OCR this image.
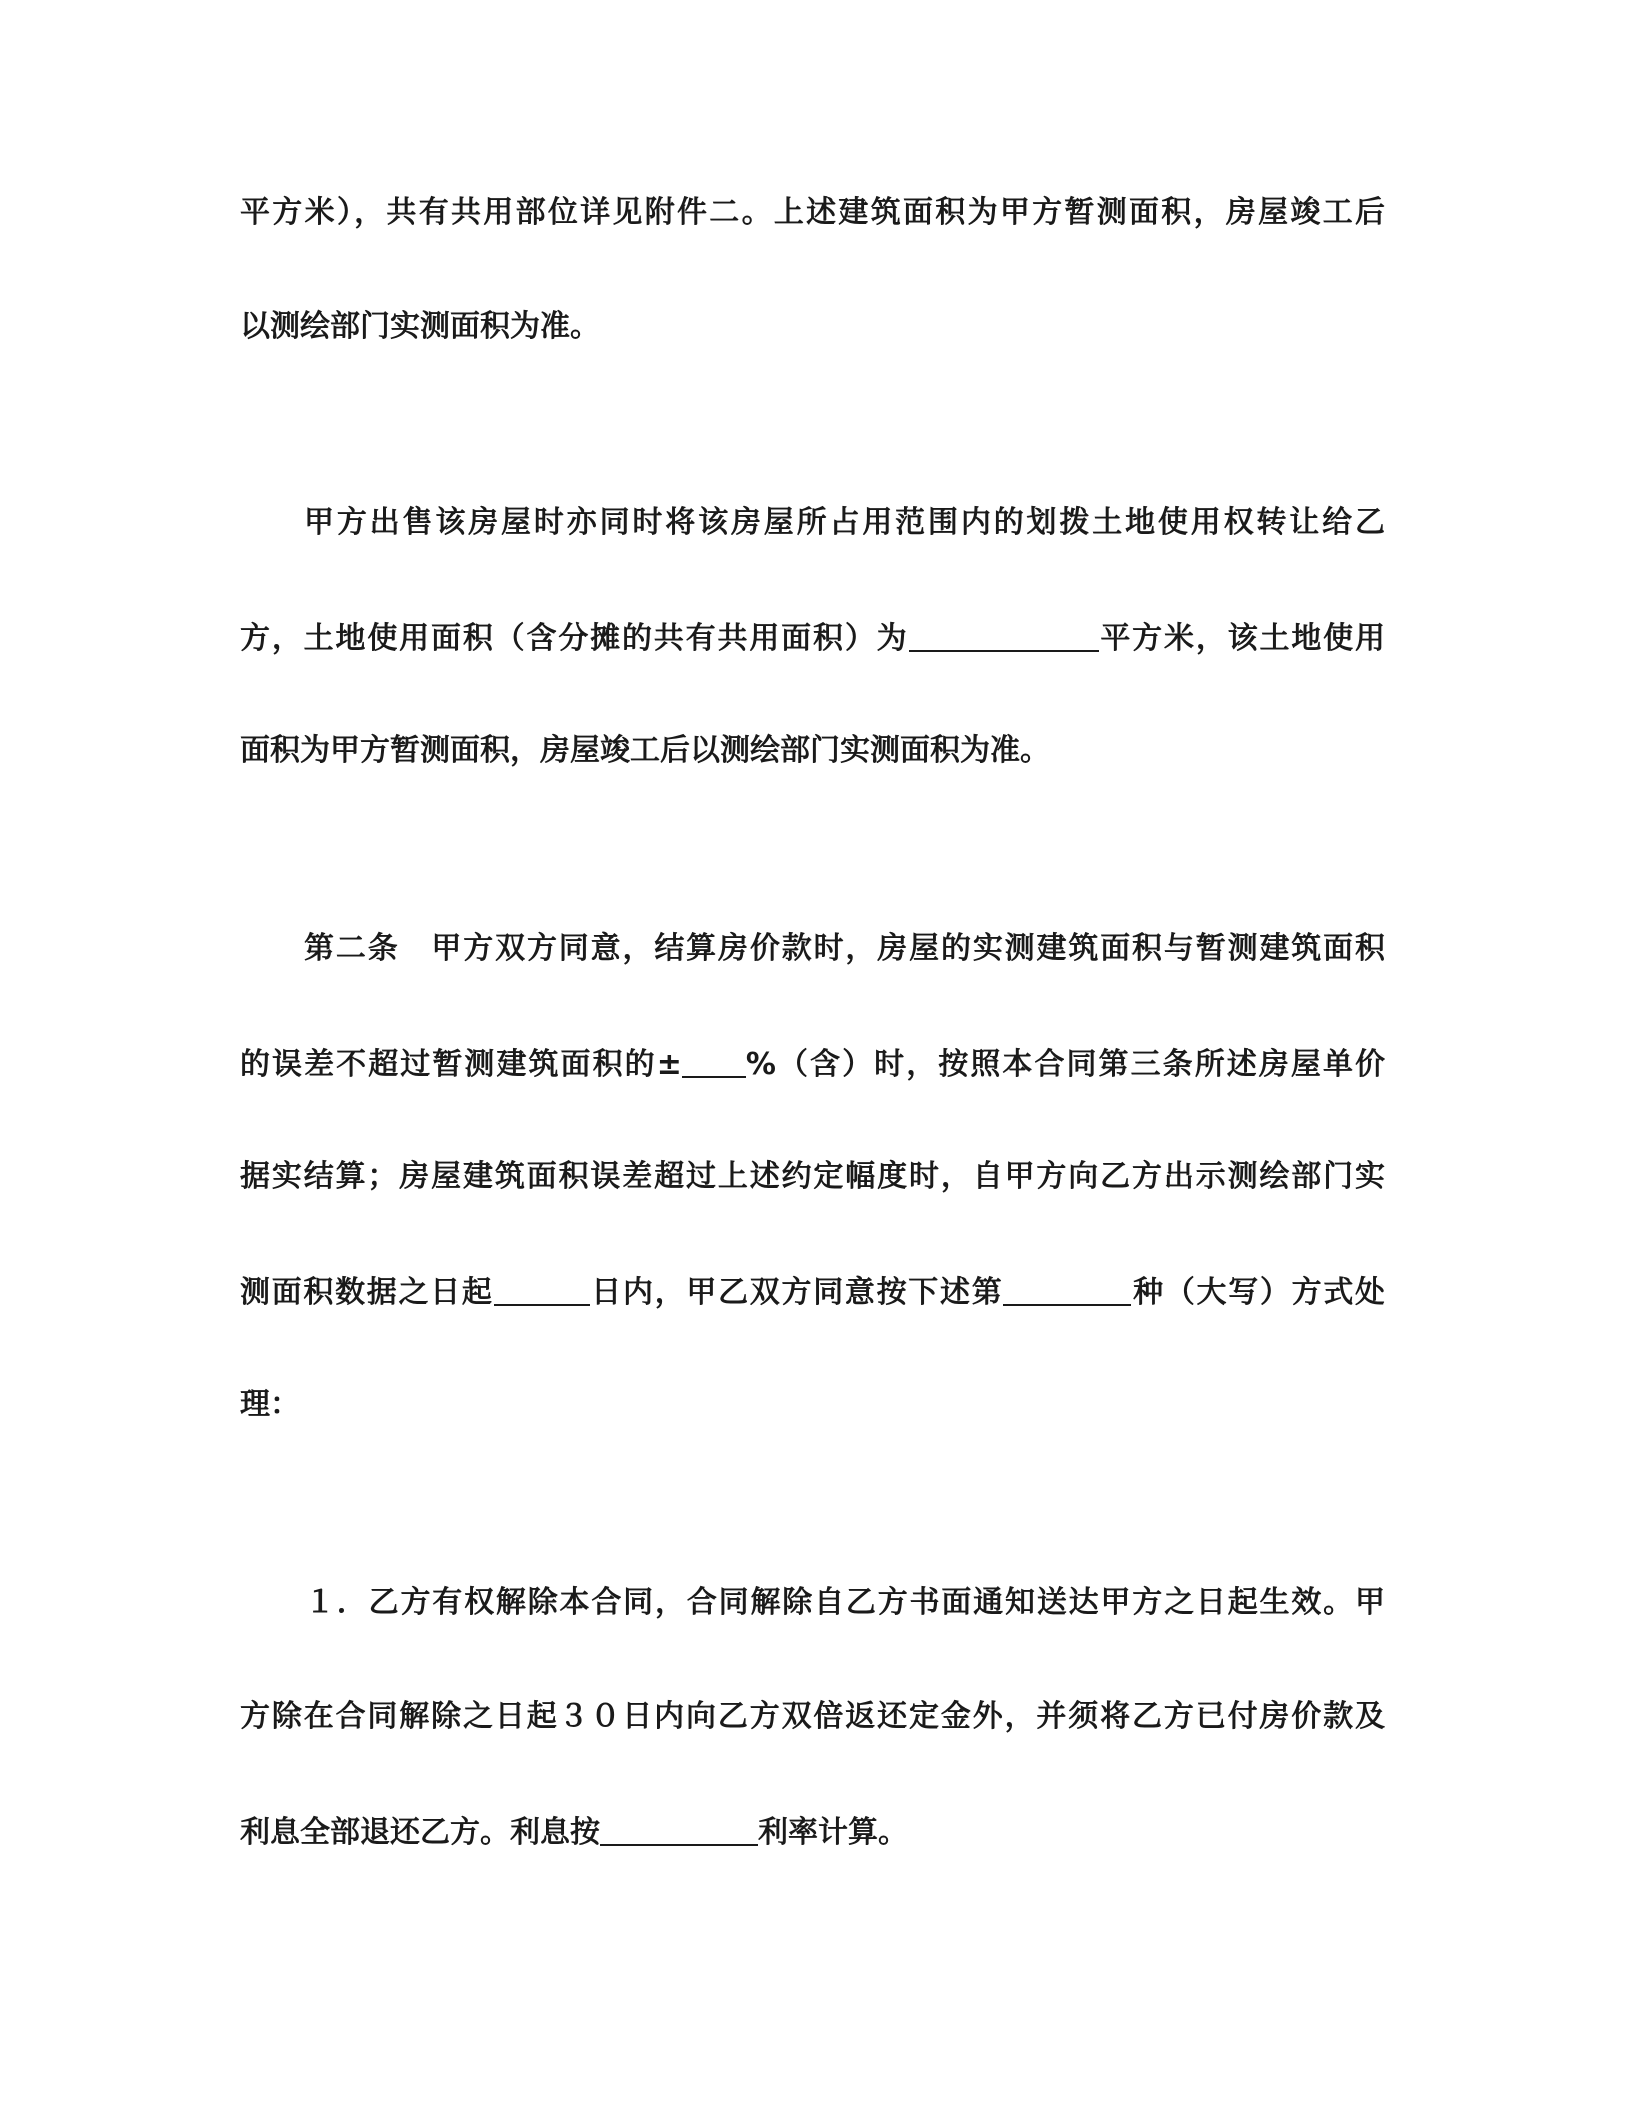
平方米），共有共用部位详见附件二。上述建筑面积为甲方暂测面积，房屋竣工后
以测绘部门实测面积为准。
甲方出售该房屋时亦同时将该房屋所占用范围内的划拨土地使用权转让给乙
方，土地使用面积（含分摊的共有共用面积）为	平方米，该土地使用
面积为甲方暂测面积，房屋竣工后以测绘部门实测面积为准。
第二条　甲方双方同意，结算房价款时，房屋的实测建筑面积与暂测建筑面积
的误差不超过暂测建筑面积的± %（含）时，按照本合同第三条所述房屋单价
据实结算；房屋建筑面积误差超过上述约定幅度时，自甲方向乙方出示测绘部门实
测面积数据之日起	日内，甲乙双方同意按下述第	种（大写）方式处
理：
１．乙方有权解除本合同，合同解除自乙方书面通知送达甲方之日起生效。甲
方除在合同解除之日起３０日内向乙方双倍返还定金外，并须将乙方已付房价款及
利息全部退还乙方。利息按	利率计算。
